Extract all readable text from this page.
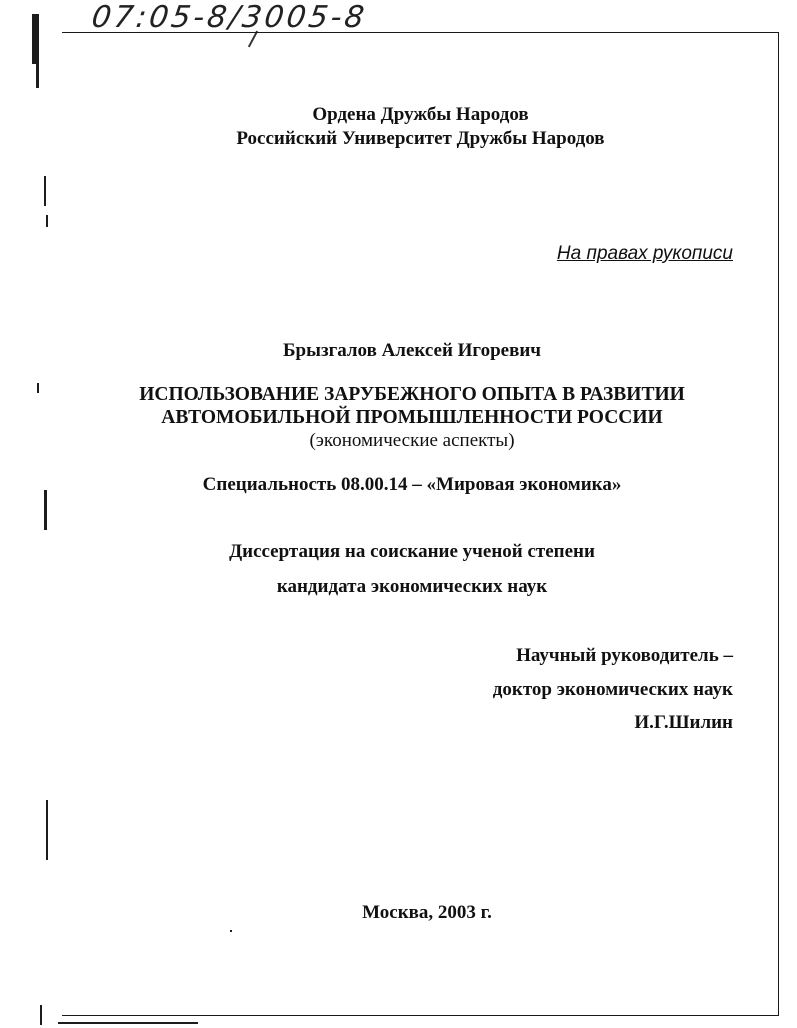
07:05-8/3005-8
Ордена Дружбы Народов
Российский Университет Дружбы Народов
На правах рукописи
Брызгалов Алексей Игоревич
ИСПОЛЬЗОВАНИЕ ЗАРУБЕЖНОГО ОПЫТА В РАЗВИТИИ
АВТОМОБИЛЬНОЙ ПРОМЫШЛЕННОСТИ РОССИИ
(экономические аспекты)
Специальность 08.00.14 – «Мировая экономика»
Диссертация на соискание ученой степени
кандидата экономических наук
Научный руководитель –
доктор экономических наук
И.Г.Шилин
Москва, 2003 г.
